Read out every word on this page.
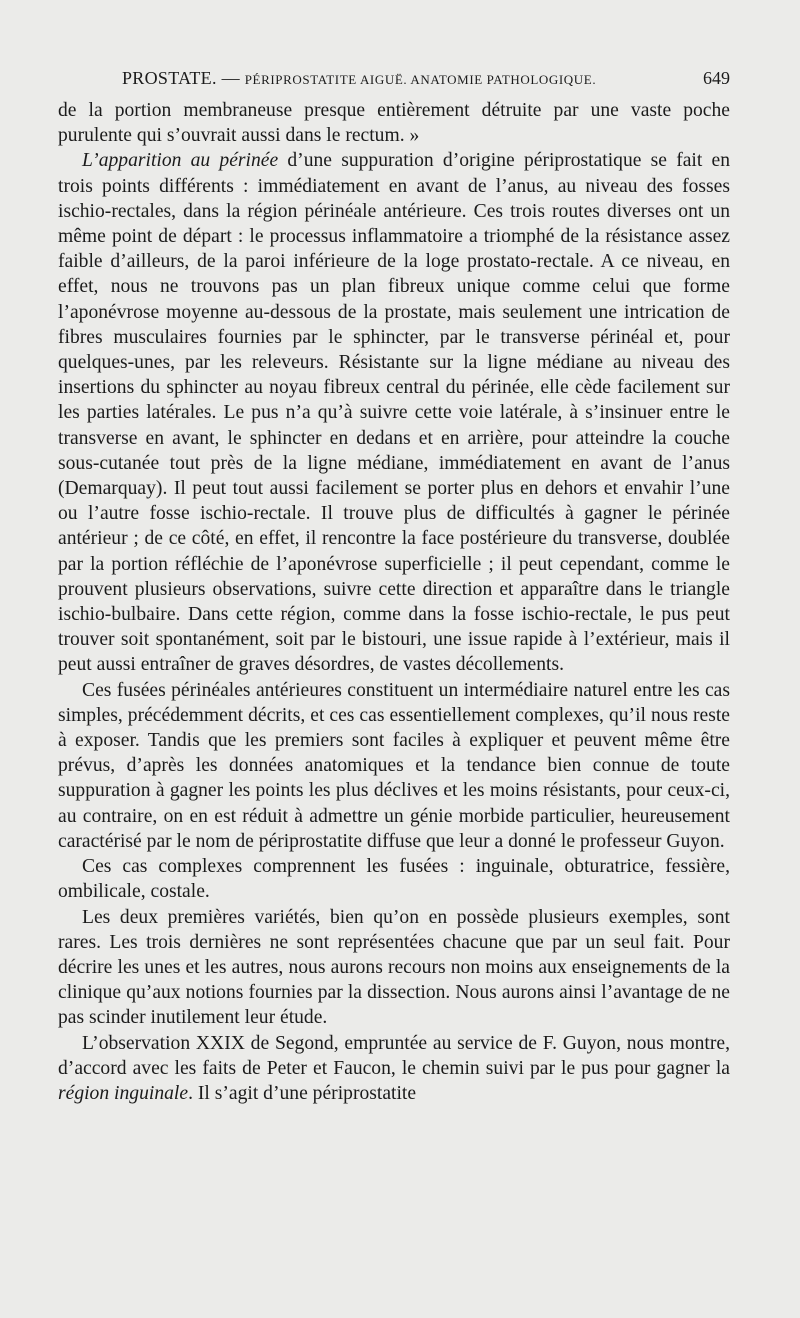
PROSTATE. — PÉRIPROSTATITE AIGUË. ANATOMIE PATHOLOGIQUE.	649

de la portion membraneuse presque entièrement détruite par une vaste poche purulente qui s’ouvrait aussi dans le rectum. »

L’apparition au périnée d’une suppuration d’origine périprostatique se fait en trois points différents : immédiatement en avant de l’anus, au niveau des fosses ischio-rectales, dans la région périnéale antérieure. Ces trois routes diverses ont un même point de départ : le processus inflammatoire a triomphé de la résistance assez faible d’ailleurs, de la paroi inférieure de la loge prostato-rectale. A ce niveau, en effet, nous ne trouvons pas un plan fibreux unique comme celui que forme l’aponévrose moyenne au-dessous de la prostate, mais seulement une intrication de fibres musculaires fournies par le sphincter, par le transverse périnéal et, pour quelques-unes, par les releveurs. Résistante sur la ligne médiane au niveau des insertions du sphincter au noyau fibreux central du périnée, elle cède facilement sur les parties latérales. Le pus n’a qu’à suivre cette voie latérale, à s’insinuer entre le transverse en avant, le sphincter en dedans et en arrière, pour atteindre la couche sous-cutanée tout près de la ligne médiane, immédiatement en avant de l’anus (Demarquay). Il peut tout aussi facilement se porter plus en dehors et envahir l’une ou l’autre fosse ischio-rectale. Il trouve plus de difficultés à gagner le périnée antérieur ; de ce côté, en effet, il rencontre la face postérieure du transverse, doublée par la portion réfléchie de l’aponévrose superficielle ; il peut cependant, comme le prouvent plusieurs observations, suivre cette direction et apparaître dans le triangle ischio-bulbaire. Dans cette région, comme dans la fosse ischio-rectale, le pus peut trouver soit spontanément, soit par le bistouri, une issue rapide à l’extérieur, mais il peut aussi entraîner de graves désordres, de vastes décollements.

Ces fusées périnéales antérieures constituent un intermédiaire naturel entre les cas simples, précédemment décrits, et ces cas essentiellement complexes, qu’il nous reste à exposer. Tandis que les premiers sont faciles à expliquer et peuvent même être prévus, d’après les données anatomiques et la tendance bien connue de toute suppuration à gagner les points les plus déclives et les moins résistants, pour ceux-ci, au contraire, on en est réduit à admettre un génie morbide particulier, heureusement caractérisé par le nom de périprostatite diffuse que leur a donné le professeur Guyon.

Ces cas complexes comprennent les fusées : inguinale, obturatrice, fessière, ombilicale, costale.

Les deux premières variétés, bien qu’on en possède plusieurs exemples, sont rares. Les trois dernières ne sont représentées chacune que par un seul fait. Pour décrire les unes et les autres, nous aurons recours non moins aux enseignements de la clinique qu’aux notions fournies par la dissection. Nous aurons ainsi l’avantage de ne pas scinder inutilement leur étude.

L’observation XXIX de Segond, empruntée au service de F. Guyon, nous montre, d’accord avec les faits de Peter et Faucon, le chemin suivi par le pus pour gagner la région inguinale. Il s’agit d’une périprostatite
